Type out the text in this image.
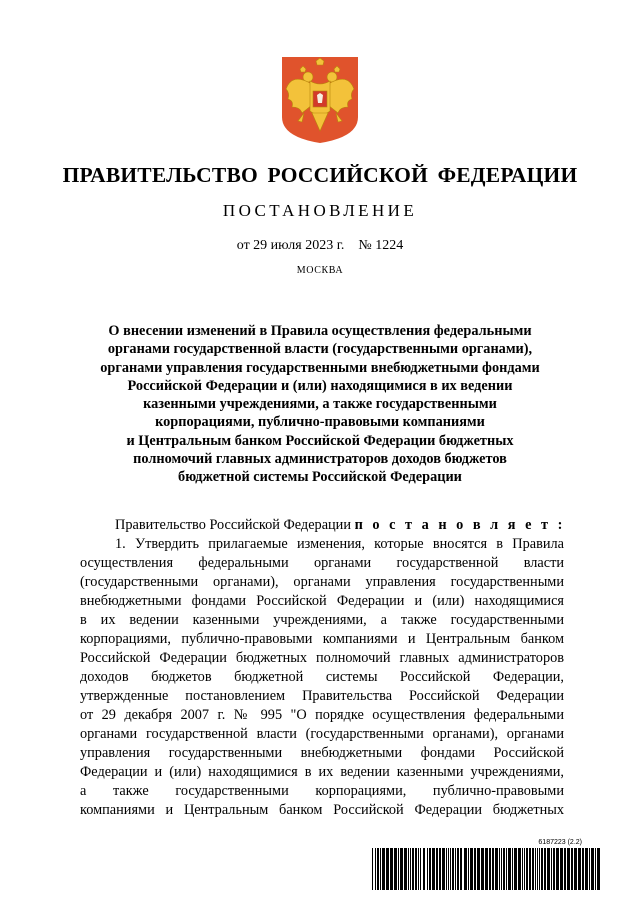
ПРАВИТЕЛЬСТВО РОССИЙСКОЙ ФЕДЕРАЦИИ
ПОСТАНОВЛЕНИЕ
от 29 июля 2023 г. № 1224
МОСКВА
О внесении изменений в Правила осуществления федеральными
органами государственной власти (государственными органами),
органами управления государственными внебюджетными фондами
Российской Федерации и (или) находящимися в их ведении
казенными учреждениями, а также государственными
корпорациями, публично-правовыми компаниями
и Центральным банком Российской Федерации бюджетных
полномочий главных администраторов доходов бюджетов
бюджетной системы Российской Федерации
Правительство Российской Федерации п о с т а н о в л я е т :
1. Утвердить прилагаемые изменения, которые вносятся в Правила
осуществления федеральными органами государственной власти
(государственными органами), органами управления государственными
внебюджетными фондами Российской Федерации и (или) находящимися
в их ведении казенными учреждениями, а также государственными
корпорациями, публично-правовыми компаниями и Центральным банком
Российской Федерации бюджетных полномочий главных администраторов
доходов бюджетов бюджетной системы Российской Федерации,
утвержденные постановлением Правительства Российской Федерации
от 29 декабря 2007 г. № 995 "О порядке осуществления федеральными
органами государственной власти (государственными органами), органами
управления государственными внебюджетными фондами Российской
Федерации и (или) находящимися в их ведении казенными учреждениями,
а также государственными корпорациями, публично-правовыми
компаниями и Центральным банком Российской Федерации бюджетных
6187223 (2.2)
